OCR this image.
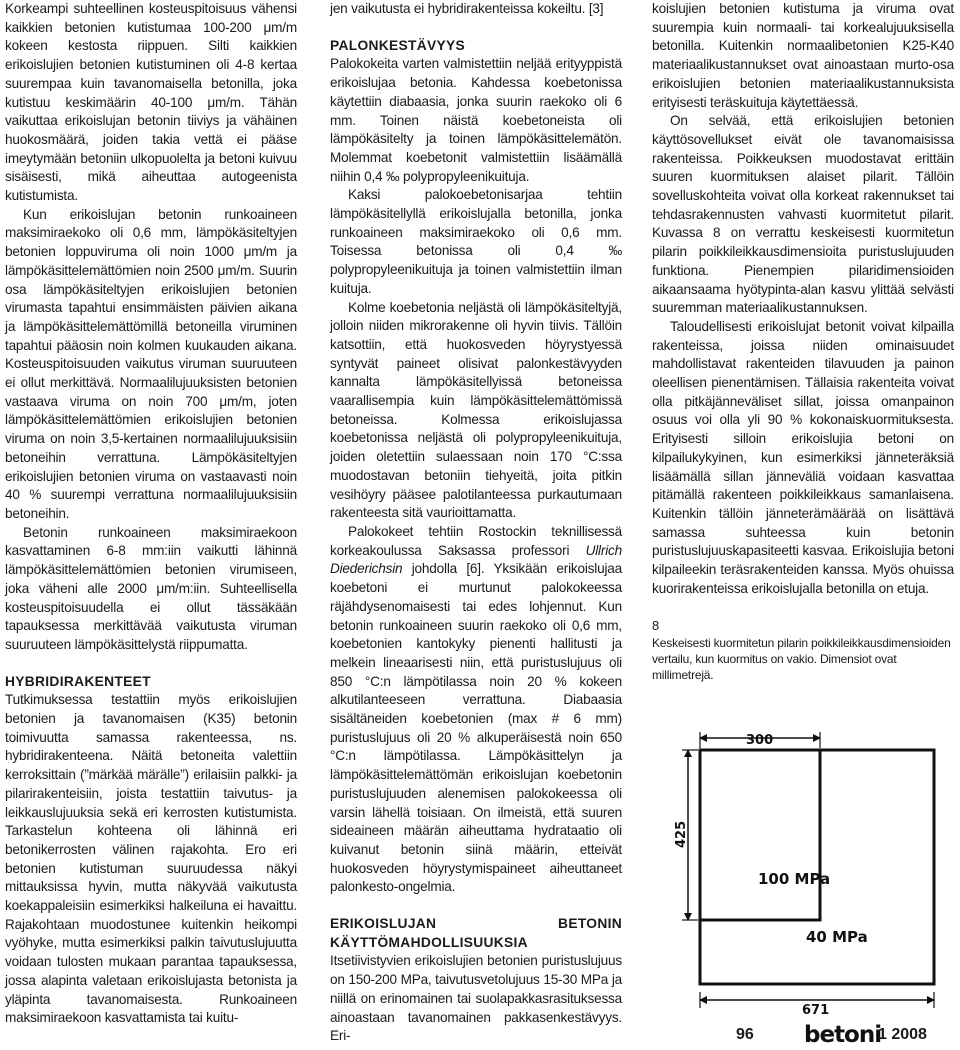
Korkeampi suhteellinen kosteuspitoisuus vähensi kaikkien betonien kutistumaa 100-200 μm/m kokeen kestosta riippuen. Silti kaikkien erikoislujien betonien kutistuminen oli 4-8 kertaa suurempaa kuin tavanomaisella betonilla, joka kutistuu keskimäärin 40-100 μm/m. Tähän vaikuttaa erikoislujan betonin tiiviys ja vähäinen huokosmäärä, joiden takia vettä ei pääse imeytymään betoniin ulkopuolelta ja betoni kuivuu sisäisesti, mikä aiheuttaa autogeenista kutistumista.

Kun erikoislujan betonin runkoaineen maksimiraekoko oli 0,6 mm, lämpökäsiteltyjen betonien loppuviruma oli noin 1000 μm/m ja lämpökäsittelemättömien noin 2500 μm/m. Suurin osa lämpökäsiteltyjen erikoislujien betonien virumasta tapahtui ensimmäisten päivien aikana ja lämpökäsittelemättömillä betoneilla viruminen tapahtui pääosin noin kolmen kuukauden aikana. Kosteuspitoisuuden vaikutus viruman suuruuteen ei ollut merkittävä. Normaalilujuuksisten betonien vastaava viruma on noin 700 μm/m, joten lämpökäsittelemättömien erikoislujien betonien viruma on noin 3,5-kertainen normaalilujuuksisiin betoneihin verrattuna. Lämpökäsiteltyjen erikoislujien betonien viruma on vastaavasti noin 40 % suurempi verrattuna normaalilujuuksisiin betoneihin.

Betonin runkoaineen maksimiraekoon kasvattaminen 6-8 mm:iin vaikutti lähinnä lämpökäsittelemättömien betonien virumiseen, joka väheni alle 2000 μm/m:iin. Suhteellisella kosteuspitoisuudella ei ollut tässäkään tapauksessa merkittävää vaikutusta viruman suuruuteen lämpökäsittelystä riippumatta.

HYBRIDIRAKENTEET

Tutkimuksessa testattiin myös erikoislujien betonien ja tavanomaisen (K35) betonin toimivuutta samassa rakenteessa, ns. hybridirakenteena. Näitä betoneita valettiin kerroksittain (”märkää märälle”) erilaisiin palkki- ja pilarirakenteisiin, joista testattiin taivutus- ja leikkauslujuuksia sekä eri kerrosten kutistumista. Tarkastelun kohteena oli lähinnä eri betonikerrosten välinen rajakohta. Ero eri betonien kutistuman suuruudessa näkyi mittauksissa hyvin, mutta näkyvää vaikutusta koekappaleisiin esimerkiksi halkeiluna ei havaittu. Rajakohtaan muodostunee kuitenkin heikompi vyöhyke, mutta esimerkiksi palkin taivutuslujuutta voidaan tulosten mukaan parantaa tapauksessa, jossa alapinta valetaan erikoislujasta betonista ja yläpinta tavanomaisesta. Runkoaineen maksimiraekoon kasvattamista tai kuitu-

jen vaikutusta ei hybridirakenteissa kokeiltu. [3]

PALONKESTÄVYYS

Palokokeita varten valmistettiin neljää erityyppistä erikoislujaa betonia. Kahdessa koebetonissa käytettiin diabaasia, jonka suurin raekoko oli 6 mm. Toinen näistä koebetoneista oli lämpökäsitelty ja toinen lämpökäsittelemätön. Molemmat koebetonit valmistettiin lisäämällä niihin 0,4 ‰ polypropyleenikuituja.

Kaksi palokoebetonisarjaa tehtiin lämpökäsitellyllä erikoislujalla betonilla, jonka runkoaineen maksimiraekoko oli 0,6 mm. Toisessa betonissa oli 0,4 ‰ polypropyleenikuituja ja toinen valmistettiin ilman kuituja.

Kolme koebetonia neljästä oli lämpökäsiteltyjä, jolloin niiden mikrorakenne oli hyvin tiivis. Tällöin katsottiin, että huokosveden höyrystyessä syntyvät paineet olisivat palonkestävyyden kannalta lämpökäsitellyissä betoneissa vaarallisempia kuin lämpökäsittelemättömissä betoneissa. Kolmessa erikoislujassa koebetonissa neljästä oli polypropyleenikuituja, joiden oletettiin sulaessaan noin 170 °C:ssa muodostavan betoniin tiehyeitä, joita pitkin vesihöyry pääsee palotilanteessa purkautumaan rakenteesta sitä vaurioittamatta.

Palokokeet tehtiin Rostockin teknillisessä korkeakoulussa Saksassa professori Ullrich Diederichsin johdolla [6]. Yksikään erikoislujaa koebetoni ei murtunut palokokeessa räjähdysenomaisesti tai edes lohjennut. Kun betonin runkoaineen suurin raekoko oli 0,6 mm, koebetonien kantokyky pienenti hallitusti ja melkein lineaarisesti niin, että puristuslujuus oli 850 °C:n lämpötilassa noin 20 % kokeen alkutilanteeseen verrattuna. Diabaasia sisältäneiden koebetonien (max # 6 mm) puristuslujuus oli 20 % alkuperäisestä noin 650 °C:n lämpötilassa. Lämpökäsittelyn ja lämpökäsittelemättömän erikoislujan koebetonin puristuslujuuden alenemisen palokokeessa oli varsin lähellä toisiaan. On ilmeistä, että suuren sideaineen määrän aiheuttama hydrataatio oli kuivanut betonin siinä määrin, etteivät huokosveden höyrystymispaineet aiheuttaneet palonkesto-ongelmia.

ERIKOISLUJAN BETONIN KÄYTTÖMAHDOLLISUUKSIA

Itsetiivistyvien erikoislujien betonien puristuslujuus on 150-200 MPa, taivutusvetolujuus 15-30 MPa ja niillä on erinomainen tai suolapakkasrasituksessa ainoastaan tavanomainen pakkasenkestävyys. Eri-

koislujien betonien kutistuma ja viruma ovat suurempia kuin normaali- tai korkealujuuksisella betonilla. Kuitenkin normaalibetonien K25-K40 materiaalikustannukset ovat ainoastaan murto-osa erikoislujien betonien materiaalikustannuksista erityisesti teräskuituja käytettäessä.

On selvää, että erikoislujien betonien käyttösovellukset eivät ole tavanomaisissa rakenteissa. Poikkeuksen muodostavat erittäin suuren kuormituksen alaiset pilarit. Tällöin sovelluskohteita voivat olla korkeat rakennukset tai tehdasrakennusten vahvasti kuormitetut pilarit. Kuvassa 8 on verrattu keskeisesti kuormitetun pilarin poikkileikkausdimensioita puristuslujuuden funktiona. Pienempien pilaridimensioiden aikaansaama hyötypinta-alan kasvu ylittää selvästi suuremman materiaalikustannuksen.

Taloudellisesti erikoislujat betonit voivat kilpailla rakenteissa, joissa niiden ominaisuudet mahdollistavat rakenteiden tilavuuden ja painon oleellisen pienentämisen. Tällaisia rakenteita voivat olla pitkäjänneväliset sillat, joissa omanpainon osuus voi olla yli 90 % kokonaiskuormituksesta. Erityisesti silloin erikoislujia betoni on kilpailukykyinen, kun esimerkiksi jänneteräksiä lisäämällä sillan jänneväliä voidaan kasvattaa pitämällä rakenteen poikkileikkaus samanlaisena. Kuitenkin tällöin jänneterämäärää on lisättävä samassa suhteessa kuin betonin puristuslujuuskapasiteetti kasvaa. Erikoislujia betoni kilpaileekin teräsrakenteiden kanssa. Myös ohuissa kuorirakenteissa erikoislujalla betonilla on etuja.

8
Keskeisesti kuormitetun pilarin poikkileikkausdimensioiden vertailu, kun kuormitus on vakio. Dimensiot ovat millimetrejä.
300
425
100 MPa
40 MPa
671
96 betoni
1 2008
